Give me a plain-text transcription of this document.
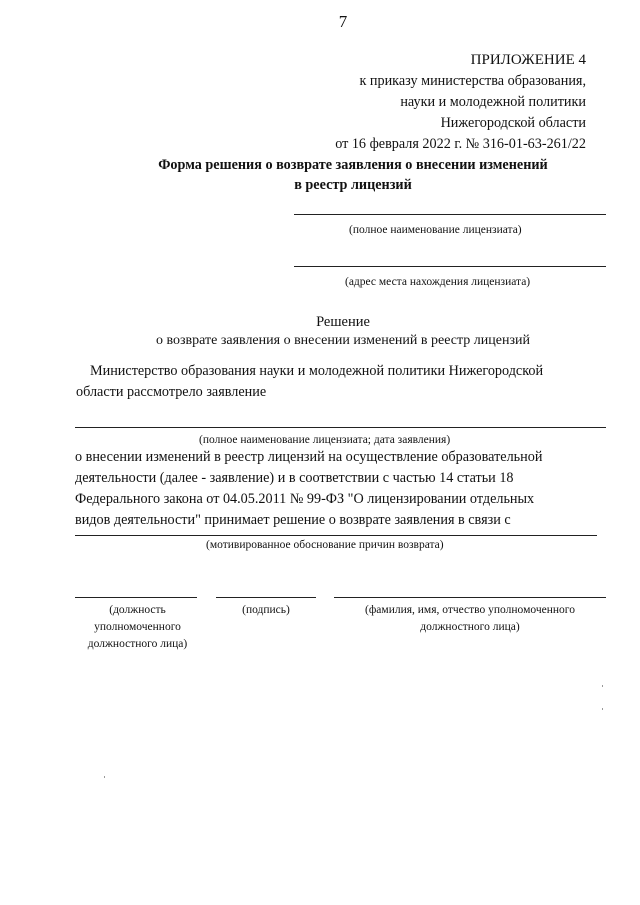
7
ПРИЛОЖЕНИЕ 4
к приказу министерства образования,
науки и молодежной политики
Нижегородской области
от 16 февраля 2022 г. № 316-01-63-261/22
Форма решения о возврате заявления о внесении изменений
в реестр лицензий
(полное наименование лицензиата)
(адрес места нахождения лицензиата)
Решение
о возврате заявления о внесении изменений в реестр лицензий
Министерство образования науки и молодежной политики Нижегородской
области рассмотрело заявление
(полное наименование лицензиата; дата заявления)
о внесении изменений в реестр лицензий на осуществление образовательной
деятельности (далее - заявление) и в соответствии с частью 14 статьи 18
Федерального закона от 04.05.2011 № 99-ФЗ "О лицензировании отдельных
видов деятельности" принимает решение о возврате заявления в связи с
(мотивированное обоснование причин возврата)
(должность уполномоченного должностного лица)
(подпись)	(фамилия, имя, отчество уполномоченного должностного лица)
